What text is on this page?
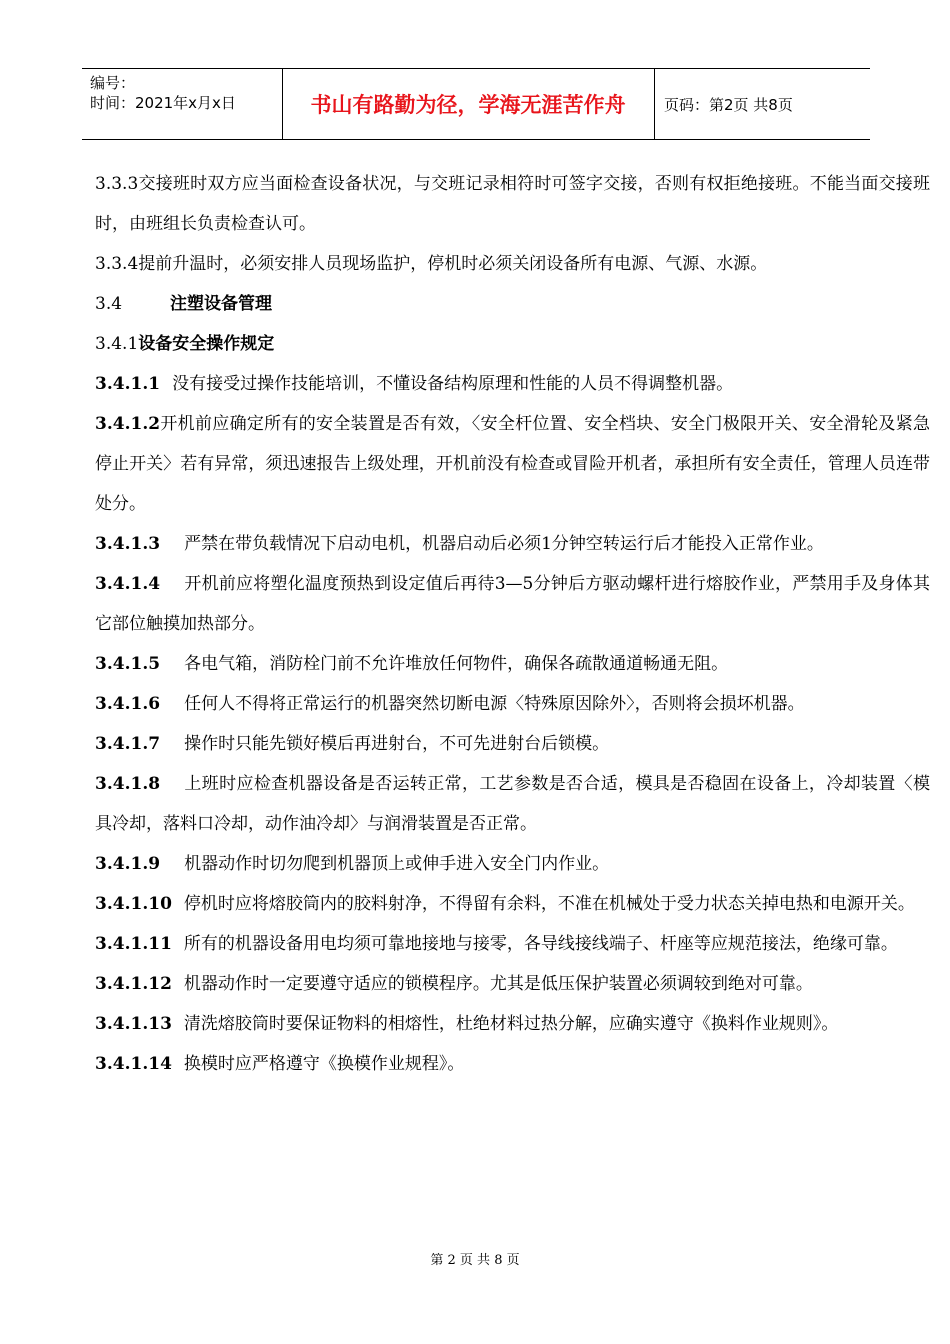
编号：
时间：2021年x月x日	书山有路勤为径，学海无涯苦作舟	页码：第2页 共8页

3.3.3交接班时双方应当面检查设备状况，与交班记录相符时可签字交接，否则有权拒绝接班。不能当面交接班时，由班组长负责检查认可。

3.3.4提前升温时，必须安排人员现场监护，停机时必须关闭设备所有电源、气源、水源。

3.4	注塑设备管理

3.4.1设备安全操作规定

3.4.1.1 没有接受过操作技能培训，不懂设备结构原理和性能的人员不得调整机器。

3.4.1.2开机前应确定所有的安全装置是否有效，〈安全杆位置、安全档块、安全门极限开关、安全滑轮及紧急停止开关〉若有异常，须迅速报告上级处理，开机前没有检查或冒险开机者，承担所有安全责任，管理人员连带处分。

3.4.1.3 严禁在带负载情况下启动电机，机器启动后必须1分钟空转运行后才能投入正常作业。

3.4.1.4 开机前应将塑化温度预热到设定值后再待3—5分钟后方驱动螺杆进行熔胶作业，严禁用手及身体其它部位触摸加热部分。

3.4.1.5 各电气箱，消防栓门前不允许堆放任何物件，确保各疏散通道畅通无阻。

3.4.1.6 任何人不得将正常运行的机器突然切断电源〈特殊原因除外〉，否则将会损坏机器。

3.4.1.7 操作时只能先锁好模后再进射台，不可先进射台后锁模。

3.4.1.8 上班时应检查机器设备是否运转正常，工艺参数是否合适，模具是否稳固在设备上，冷却装置〈模具冷却，落料口冷却，动作油冷却〉与润滑装置是否正常。

3.4.1.9 机器动作时切勿爬到机器顶上或伸手进入安全门内作业。

3.4.1.10 停机时应将熔胶筒内的胶料射净，不得留有余料，不准在机械处于受力状态关掉电热和电源开关。

3.4.1.11 所有的机器设备用电均须可靠地接地与接零，各导线接线端子、杆座等应规范接法，绝缘可靠。

3.4.1.12 机器动作时一定要遵守适应的锁模程序。尤其是低压保护装置必须调较到绝对可靠。

3.4.1.13 清洗熔胶筒时要保证物料的相熔性，杜绝材料过热分解，应确实遵守《换料作业规则》。

3.4.1.14 换模时应严格遵守《换模作业规程》。

第 2 页 共 8 页
